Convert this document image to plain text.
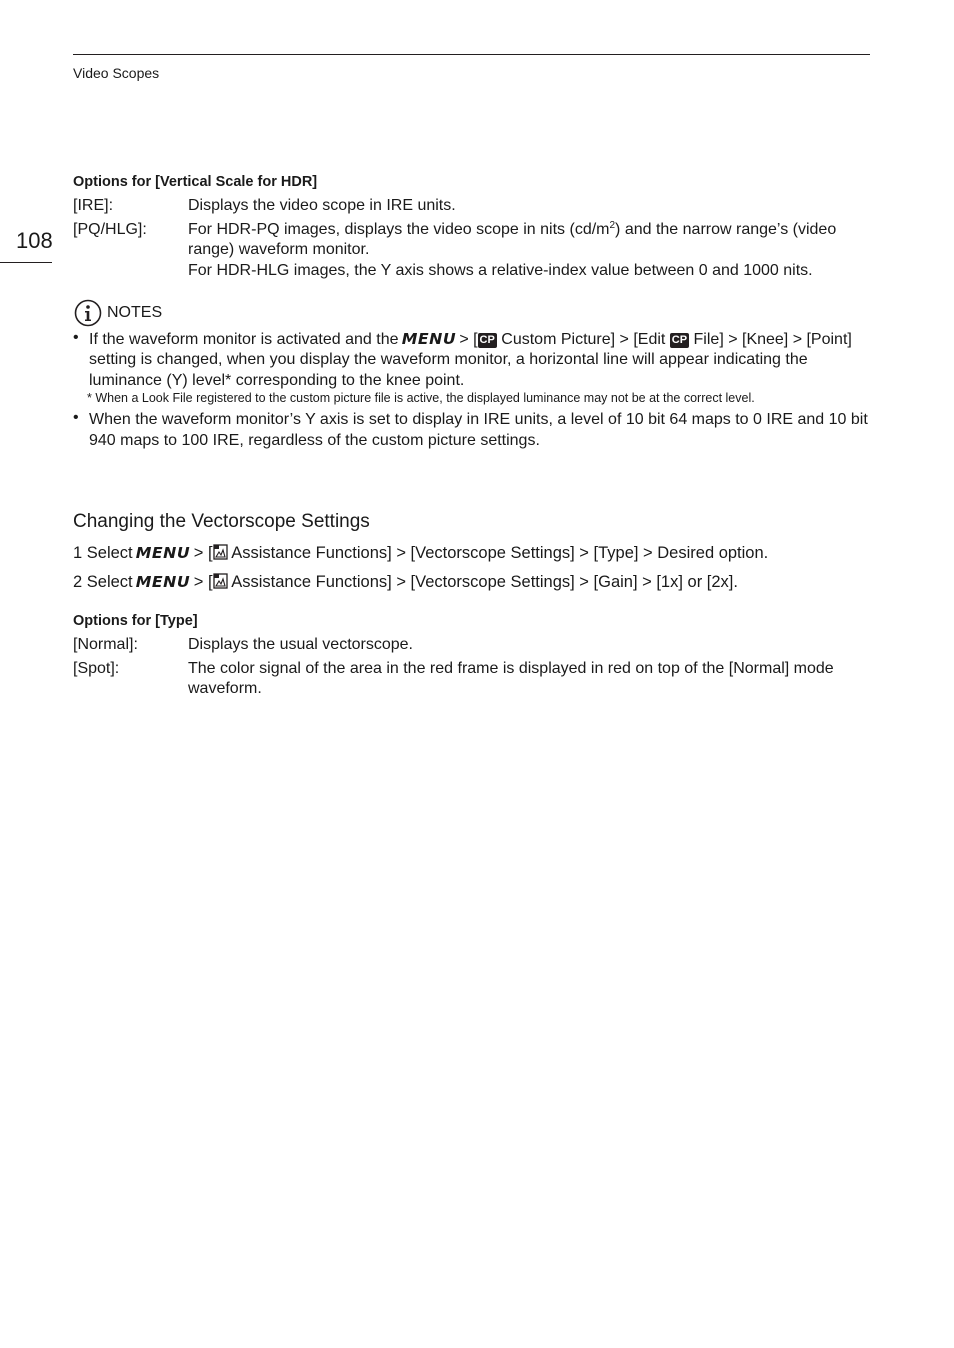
Video Scopes
108
Options for [Vertical Scale for HDR]
[IRE]:	Displays the video scope in IRE units.
[PQ/HLG]:	For HDR-PQ images, displays the video scope in nits $(cd/m^2)$ and the narrow range’s (video
range) waveform monitor.
For HDR-HLG images, the Y axis shows a relative-index value between 0 and 1000 nits.
NOTES
• If the waveform monitor is activated and the MENU > [ CP Custom Picture] > [Edit CP File] > [Knee] > [Point]
setting is changed, when you display the waveform monitor, a horizontal line will appear indicating the
luminance (Y) level* corresponding to the knee point.
* When a Look File registered to the custom picture file is active, the displayed luminance may not be at the correct level.
• When the waveform monitor’s Y axis is set to display in IRE units, a level of 10 bit 64 maps to 0 IRE and 10 bit
940 maps to 100 IRE, regardless of the custom picture settings.
Changing the Vectorscope Settings
1 Select MENU > [ Assistance Functions] > [Vectorscope Settings] > [Type] > Desired option.
2 Select MENU > [ Assistance Functions] > [Vectorscope Settings] > [Gain] > [1x] or [2x].
Options for [Type]
[Normal]:	Displays the usual vectorscope.
[Spot]:	The color signal of the area in the red frame is displayed in red on top of the [Normal] mode
waveform.
